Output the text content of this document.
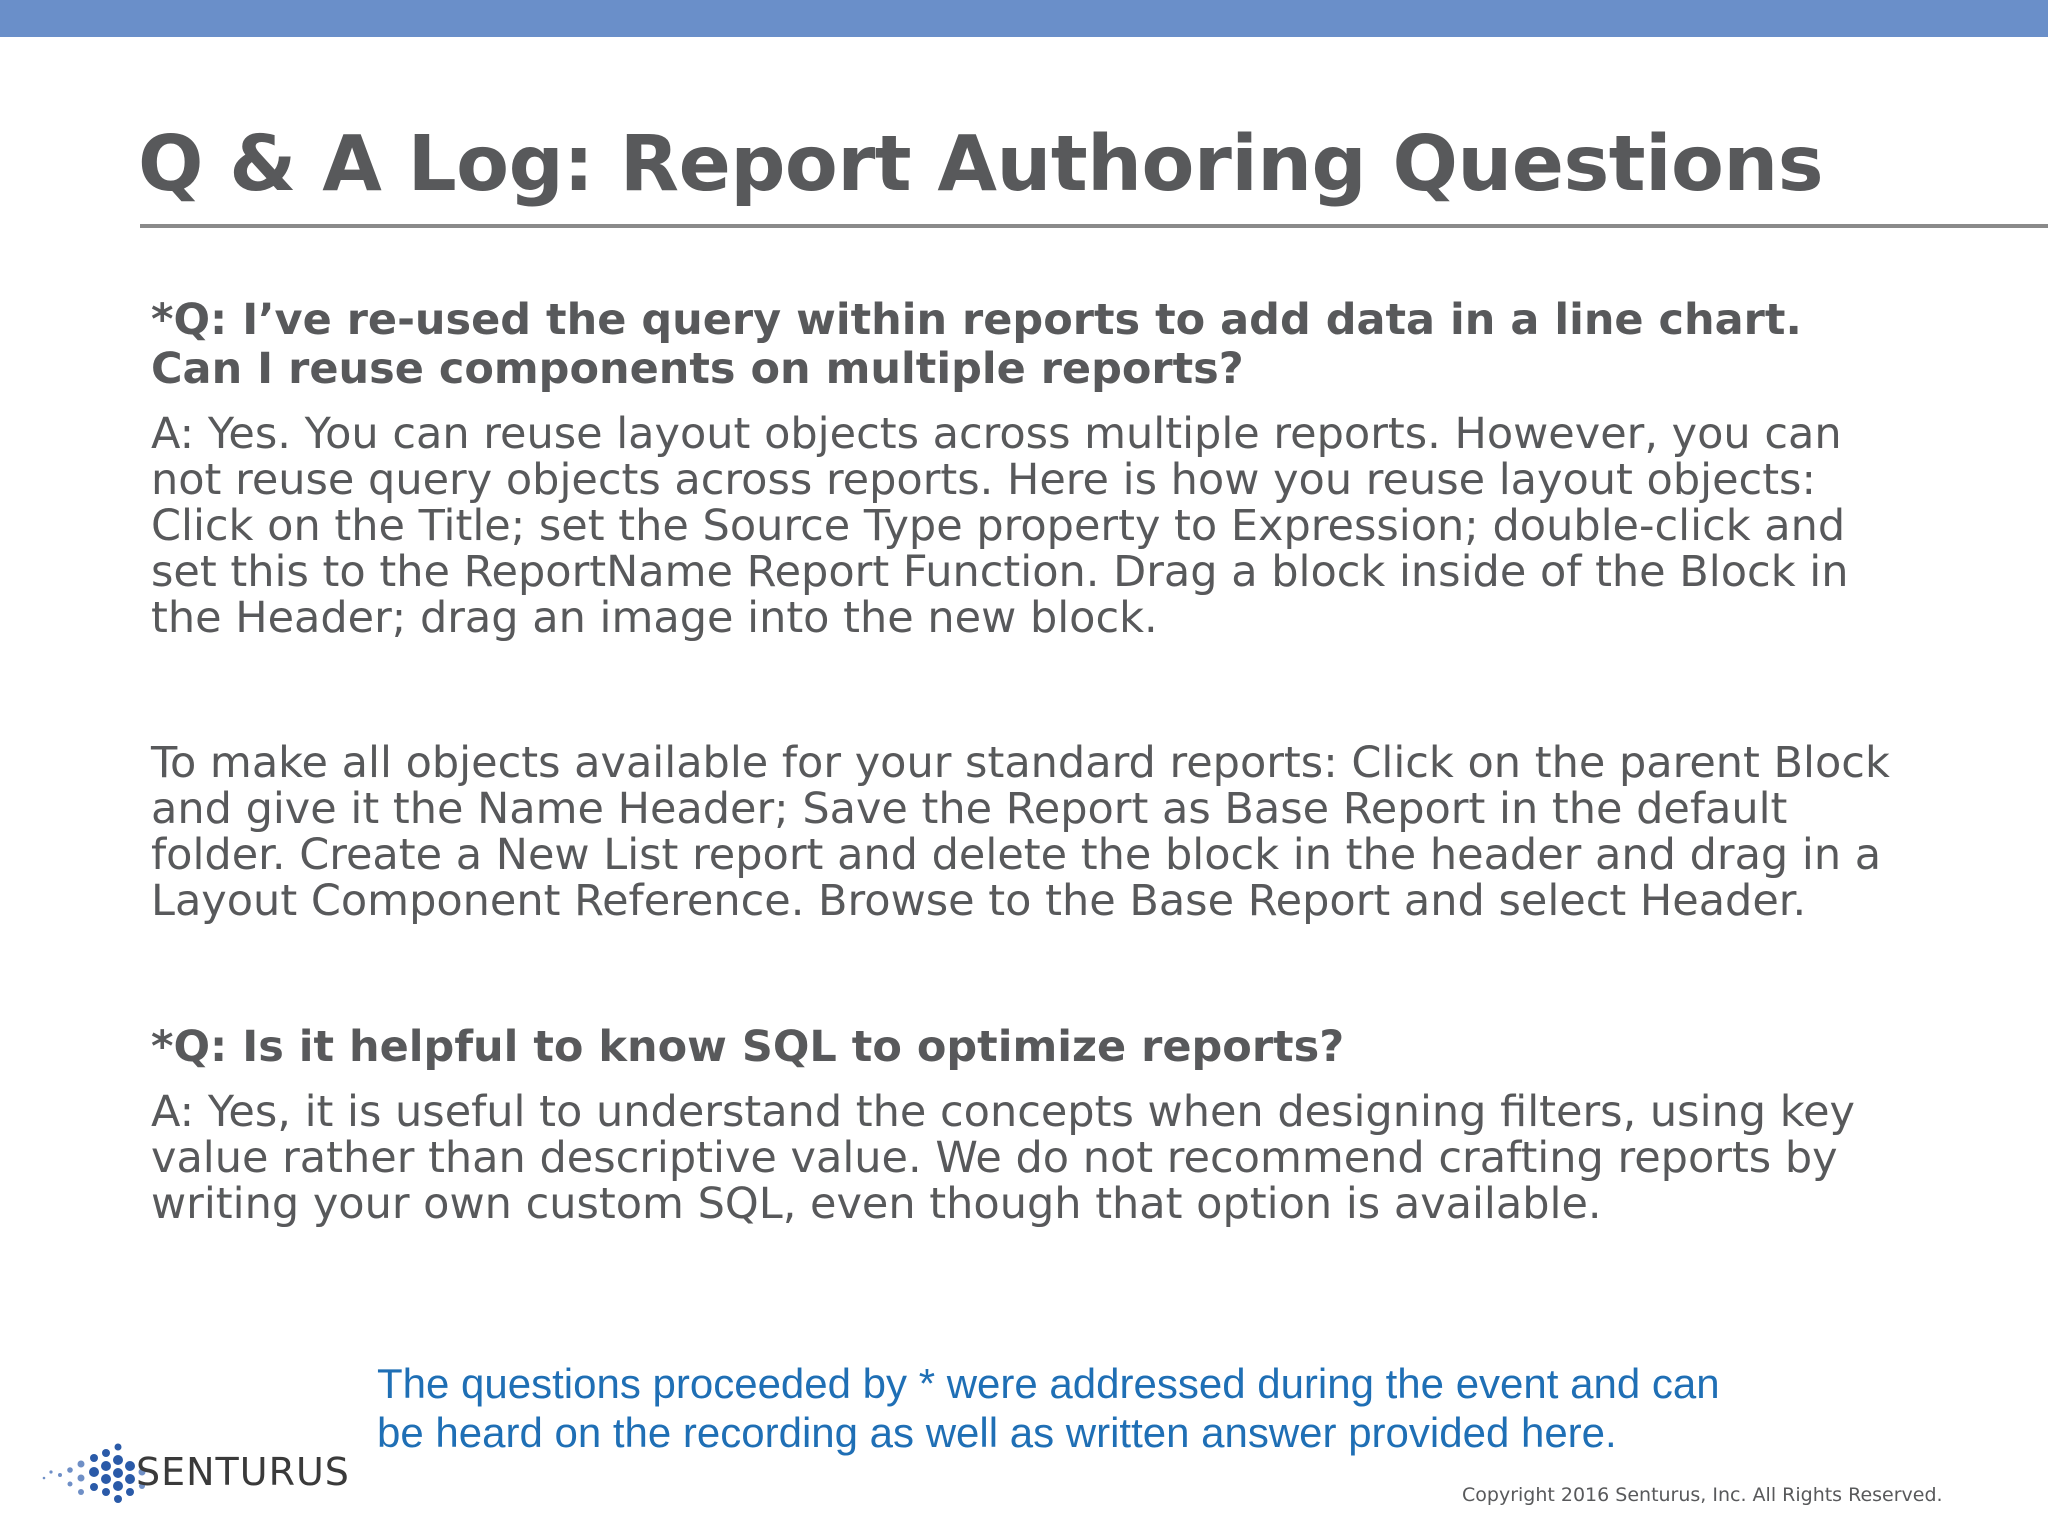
Q & A Log: Report Authoring Questions

*Q: I’ve re-used the query within reports to add data in a line chart. Can I reuse components on multiple reports?

A: Yes. You can reuse layout objects across multiple reports. However, you can not reuse query objects across reports. Here is how you reuse layout objects: Click on the Title; set the Source Type property to Expression; double-click and set this to the ReportName Report Function. Drag a block inside of the Block in the Header; drag an image into the new block.

To make all objects available for your standard reports: Click on the parent Block and give it the Name Header; Save the Report as Base Report in the default folder. Create a New List report and delete the block in the header and drag in a Layout Component Reference. Browse to the Base Report and select Header.

*Q: Is it helpful to know SQL to optimize reports?

A: Yes, it is useful to understand the concepts when designing filters, using key value rather than descriptive value. We do not recommend crafting reports by writing your own custom SQL, even though that option is available.

The questions proceeded by * were addressed during the event and can be heard on the recording as well as written answer provided here.
SENTURUS
Copyright 2016 Senturus, Inc. All Rights Reserved.
